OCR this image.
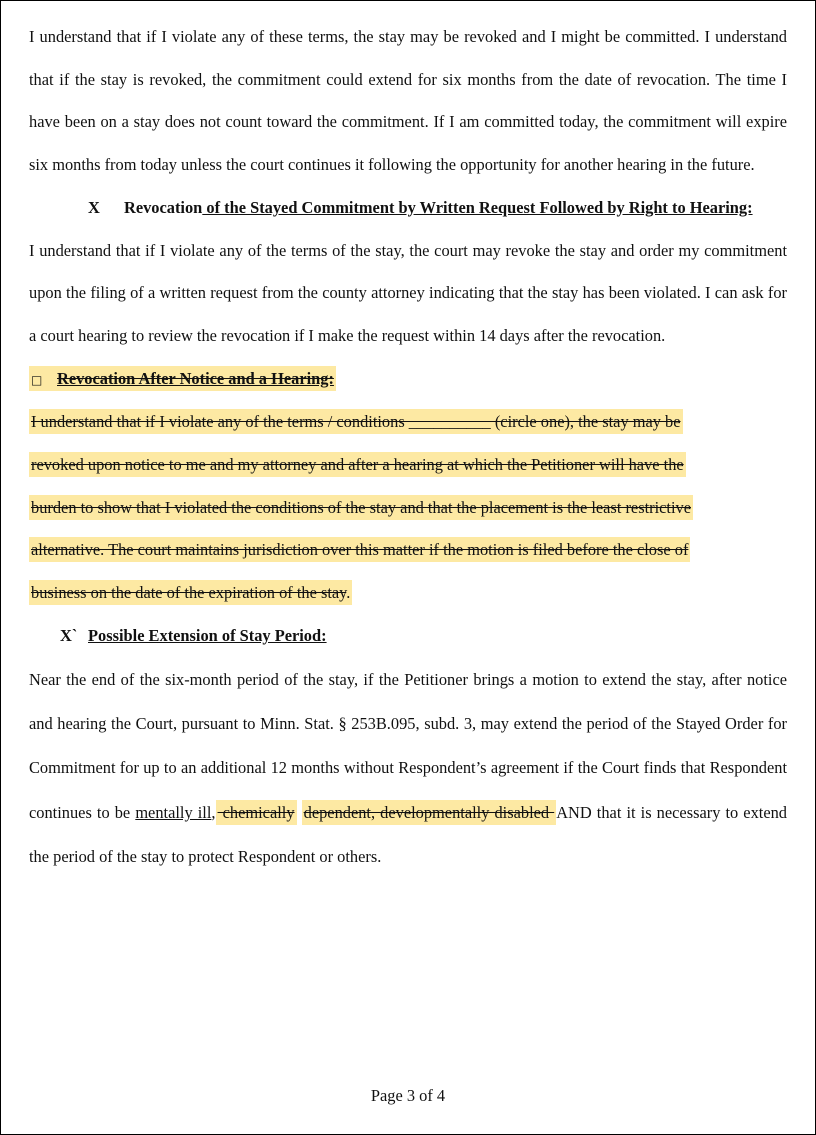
I understand that if I violate any of these terms, the stay may be revoked and I might be committed. I understand that if the stay is revoked, the commitment could extend for six months from the date of revocation. The time I have been on a stay does not count toward the commitment. If I am committed today, the commitment will expire six months from today unless the court continues it following the opportunity for another hearing in the future.

X Revocation of the Stayed Commitment by Written Request Followed by Right to Hearing:

I understand that if I violate any of the terms of the stay, the court may revoke the stay and order my commitment upon the filing of a written request from the county attorney indicating that the stay has been violated. I can ask for a court hearing to review the revocation if I make the request within 14 days after the revocation.

□ Revocation After Notice and a Hearing:

I understand that if I violate any of the terms / conditions __________ (circle one), the stay may be

revoked upon notice to me and my attorney and after a hearing at which the Petitioner will have the

burden to show that I violated the conditions of the stay and that the placement is the least restrictive

alternative. The court maintains jurisdiction over this matter if the motion is filed before the close of

business on the date of the expiration of the stay.

X` Possible Extension of Stay Period:

Near the end of the six-month period of the stay, if the Petitioner brings a motion to extend the stay, after notice and hearing the Court, pursuant to Minn. Stat. § 253B.095, subd. 3, may extend the period of the Stayed Order for Commitment for up to an additional 12 months without Respondent’s agreement if the Court finds that Respondent continues to be mentally ill, chemically dependent, developmentally disabled AND that it is necessary to extend the period of the stay to protect Respondent or others.

Page 3 of 4
